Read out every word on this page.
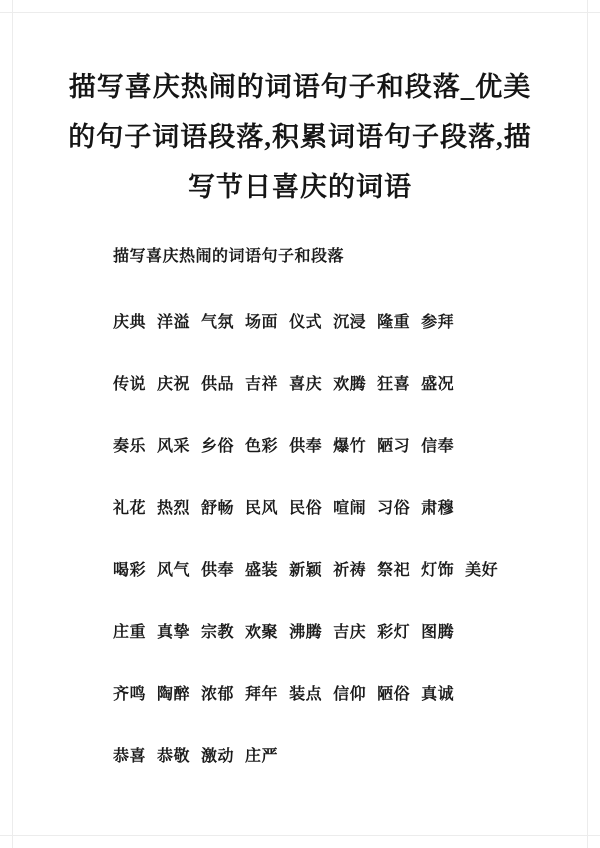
描写喜庆热闹的词语句子和段落_优美
的句子词语段落,积累词语句子段落,描
写节日喜庆的词语

描写喜庆热闹的词语句子和段落

庆典 洋溢 气氛 场面 仪式 沉浸 隆重 参拜

传说 庆祝 供品 吉祥 喜庆 欢腾 狂喜 盛况

奏乐 风采 乡俗 色彩 供奉 爆竹 陋习 信奉

礼花 热烈 舒畅 民风 民俗 喧闹 习俗 肃穆

喝彩 风气 供奉 盛装 新颖 祈祷 祭祀 灯饰 美好

庄重 真挚 宗教 欢聚 沸腾 吉庆 彩灯 图腾

齐鸣 陶醉 浓郁 拜年 装点 信仰 陋俗 真诚

恭喜 恭敬 激动 庄严
